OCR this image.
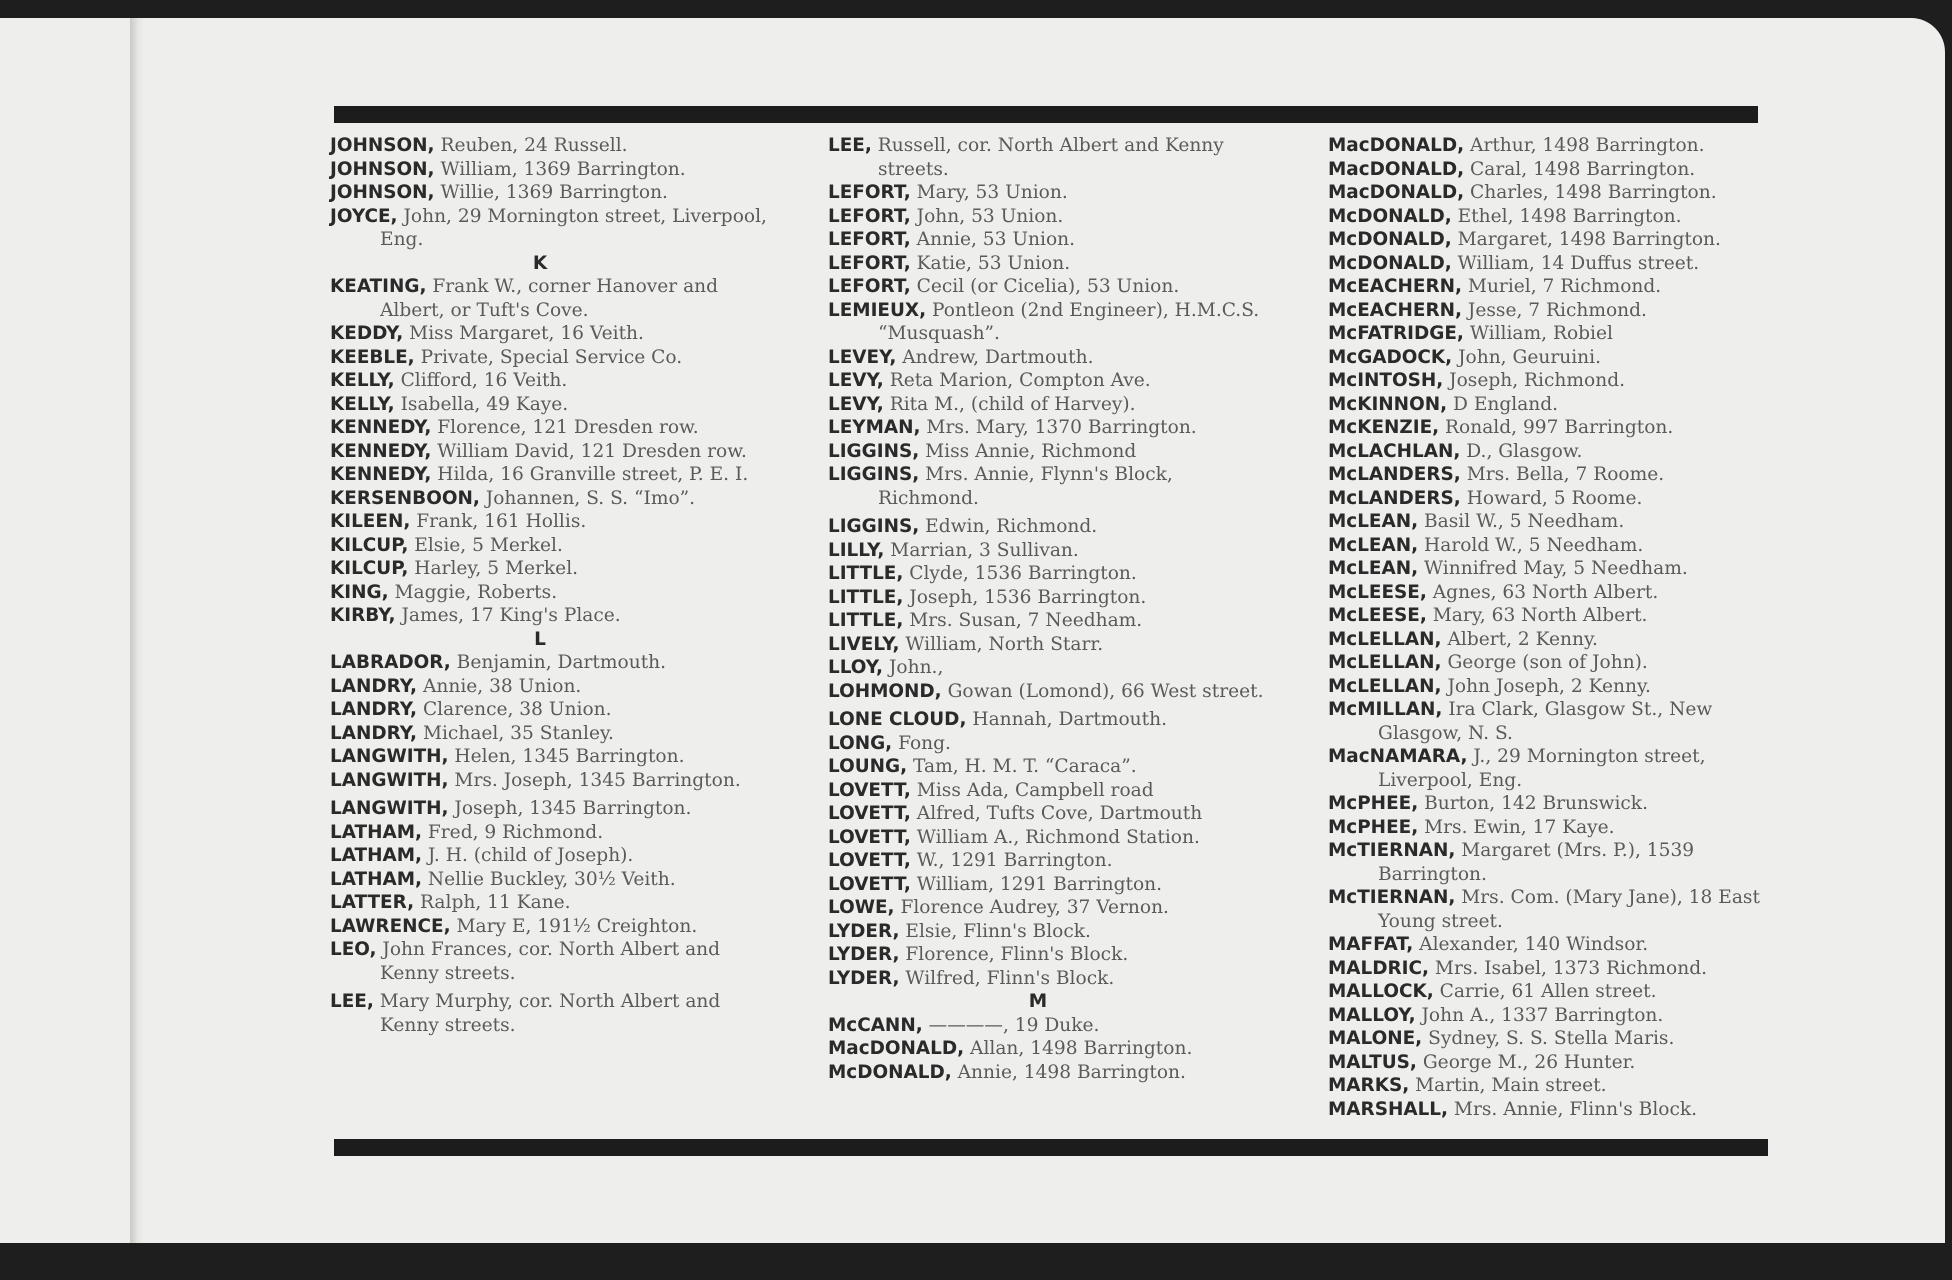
JOHNSON, Reuben, 24 Russell.

JOHNSON, William, 1369 Barrington.

JOHNSON, Willie, 1369 Barrington.

JOYCE, John, 29 Mornington street, Liverpool, Eng.

K

KEATING, Frank W., corner Hanover and Albert, or Tuft's Cove.

KEDDY, Miss Margaret, 16 Veith.

KEEBLE, Private, Special Service Co.

KELLY, Clifford, 16 Veith.

KELLY, Isabella, 49 Kaye.

KENNEDY, Florence, 121 Dresden row.

KENNEDY, William David, 121 Dresden row.

KENNEDY, Hilda, 16 Granville street, P. E. I.

KERSENBOON, Johannen, S. S. “Imo”.

KILEEN, Frank, 161 Hollis.

KILCUP, Elsie, 5 Merkel.

KILCUP, Harley, 5 Merkel.

KING, Maggie, Roberts.

KIRBY, James, 17 King's Place.

L

LABRADOR, Benjamin, Dartmouth.

LANDRY, Annie, 38 Union.

LANDRY, Clarence, 38 Union.

LANDRY, Michael, 35 Stanley.

LANGWITH, Helen, 1345 Barrington.

LANGWITH, Mrs. Joseph, 1345 Barrington.

LANGWITH, Joseph, 1345 Barrington.

LATHAM, Fred, 9 Richmond.

LATHAM, J. H. (child of Joseph).

LATHAM, Nellie Buckley, 30½ Veith.

LATTER, Ralph, 11 Kane.

LAWRENCE, Mary E, 191½ Creighton.

LEO, John Frances, cor. North Albert and Kenny streets.

LEE, Mary Murphy, cor. North Albert and Kenny streets.

LEE, Russell, cor. North Albert and Kenny streets.

LEFORT, Mary, 53 Union.

LEFORT, John, 53 Union.

LEFORT, Annie, 53 Union.

LEFORT, Katie, 53 Union.

LEFORT, Cecil (or Cicelia), 53 Union.

LEMIEUX, Pontleon (2nd Engineer), H.M.C.S. “Musquash”.

LEVEY, Andrew, Dartmouth.

LEVY, Reta Marion, Compton Ave.

LEVY, Rita M., (child of Harvey).

LEYMAN, Mrs. Mary, 1370 Barrington.

LIGGINS, Miss Annie, Richmond

LIGGINS, Mrs. Annie, Flynn's Block, Richmond.

LIGGINS, Edwin, Richmond.

LILLY, Marrian, 3 Sullivan.

LITTLE, Clyde, 1536 Barrington.

LITTLE, Joseph, 1536 Barrington.

LITTLE, Mrs. Susan, 7 Needham.

LIVELY, William, North Starr.

LLOY, John.,

LOHMOND, Gowan (Lomond), 66 West street.

LONE CLOUD, Hannah, Dartmouth.

LONG, Fong.

LOUNG, Tam, H. M. T. “Caraca”.

LOVETT, Miss Ada, Campbell road

LOVETT, Alfred, Tufts Cove, Dartmouth

LOVETT, William A., Richmond Station.

LOVETT, W., 1291 Barrington.

LOVETT, William, 1291 Barrington.

LOWE, Florence Audrey, 37 Vernon.

LYDER, Elsie, Flinn's Block.

LYDER, Florence, Flinn's Block.

LYDER, Wilfred, Flinn's Block.

M

McCANN, ————, 19 Duke.

MacDONALD, Allan, 1498 Barrington.

McDONALD, Annie, 1498 Barrington.

MacDONALD, Arthur, 1498 Barrington.

MacDONALD, Caral, 1498 Barrington.

MacDONALD, Charles, 1498 Barrington.

McDONALD, Ethel, 1498 Barrington.

McDONALD, Margaret, 1498 Barrington.

McDONALD, William, 14 Duffus street.

McEACHERN, Muriel, 7 Richmond.

McEACHERN, Jesse, 7 Richmond.

McFATRIDGE, William, Robiel

McGADOCK, John, Geuruini.

McINTOSH, Joseph, Richmond.

McKINNON, D England.

McKENZIE, Ronald, 997 Barrington.

McLACHLAN, D., Glasgow.

McLANDERS, Mrs. Bella, 7 Roome.

McLANDERS, Howard, 5 Roome.

McLEAN, Basil W., 5 Needham.

McLEAN, Harold W., 5 Needham.

McLEAN, Winnifred May, 5 Needham.

McLEESE, Agnes, 63 North Albert.

McLEESE, Mary, 63 North Albert.

McLELLAN, Albert, 2 Kenny.

McLELLAN, George (son of John).

McLELLAN, John Joseph, 2 Kenny.

McMILLAN, Ira Clark, Glasgow St., New Glasgow, N. S.

MacNAMARA, J., 29 Mornington street, Liverpool, Eng.

McPHEE, Burton, 142 Brunswick.

McPHEE, Mrs. Ewin, 17 Kaye.

McTIERNAN, Margaret (Mrs. P.), 1539 Barrington.

McTIERNAN, Mrs. Com. (Mary Jane), 18 East Young street.

MAFFAT, Alexander, 140 Windsor.

MALDRIC, Mrs. Isabel, 1373 Richmond.

MALLOCK, Carrie, 61 Allen street.

MALLOY, John A., 1337 Barrington.

MALONE, Sydney, S. S. Stella Maris.

MALTUS, George M., 26 Hunter.

MARKS, Martin, Main street.

MARSHALL, Mrs. Annie, Flinn's Block.
